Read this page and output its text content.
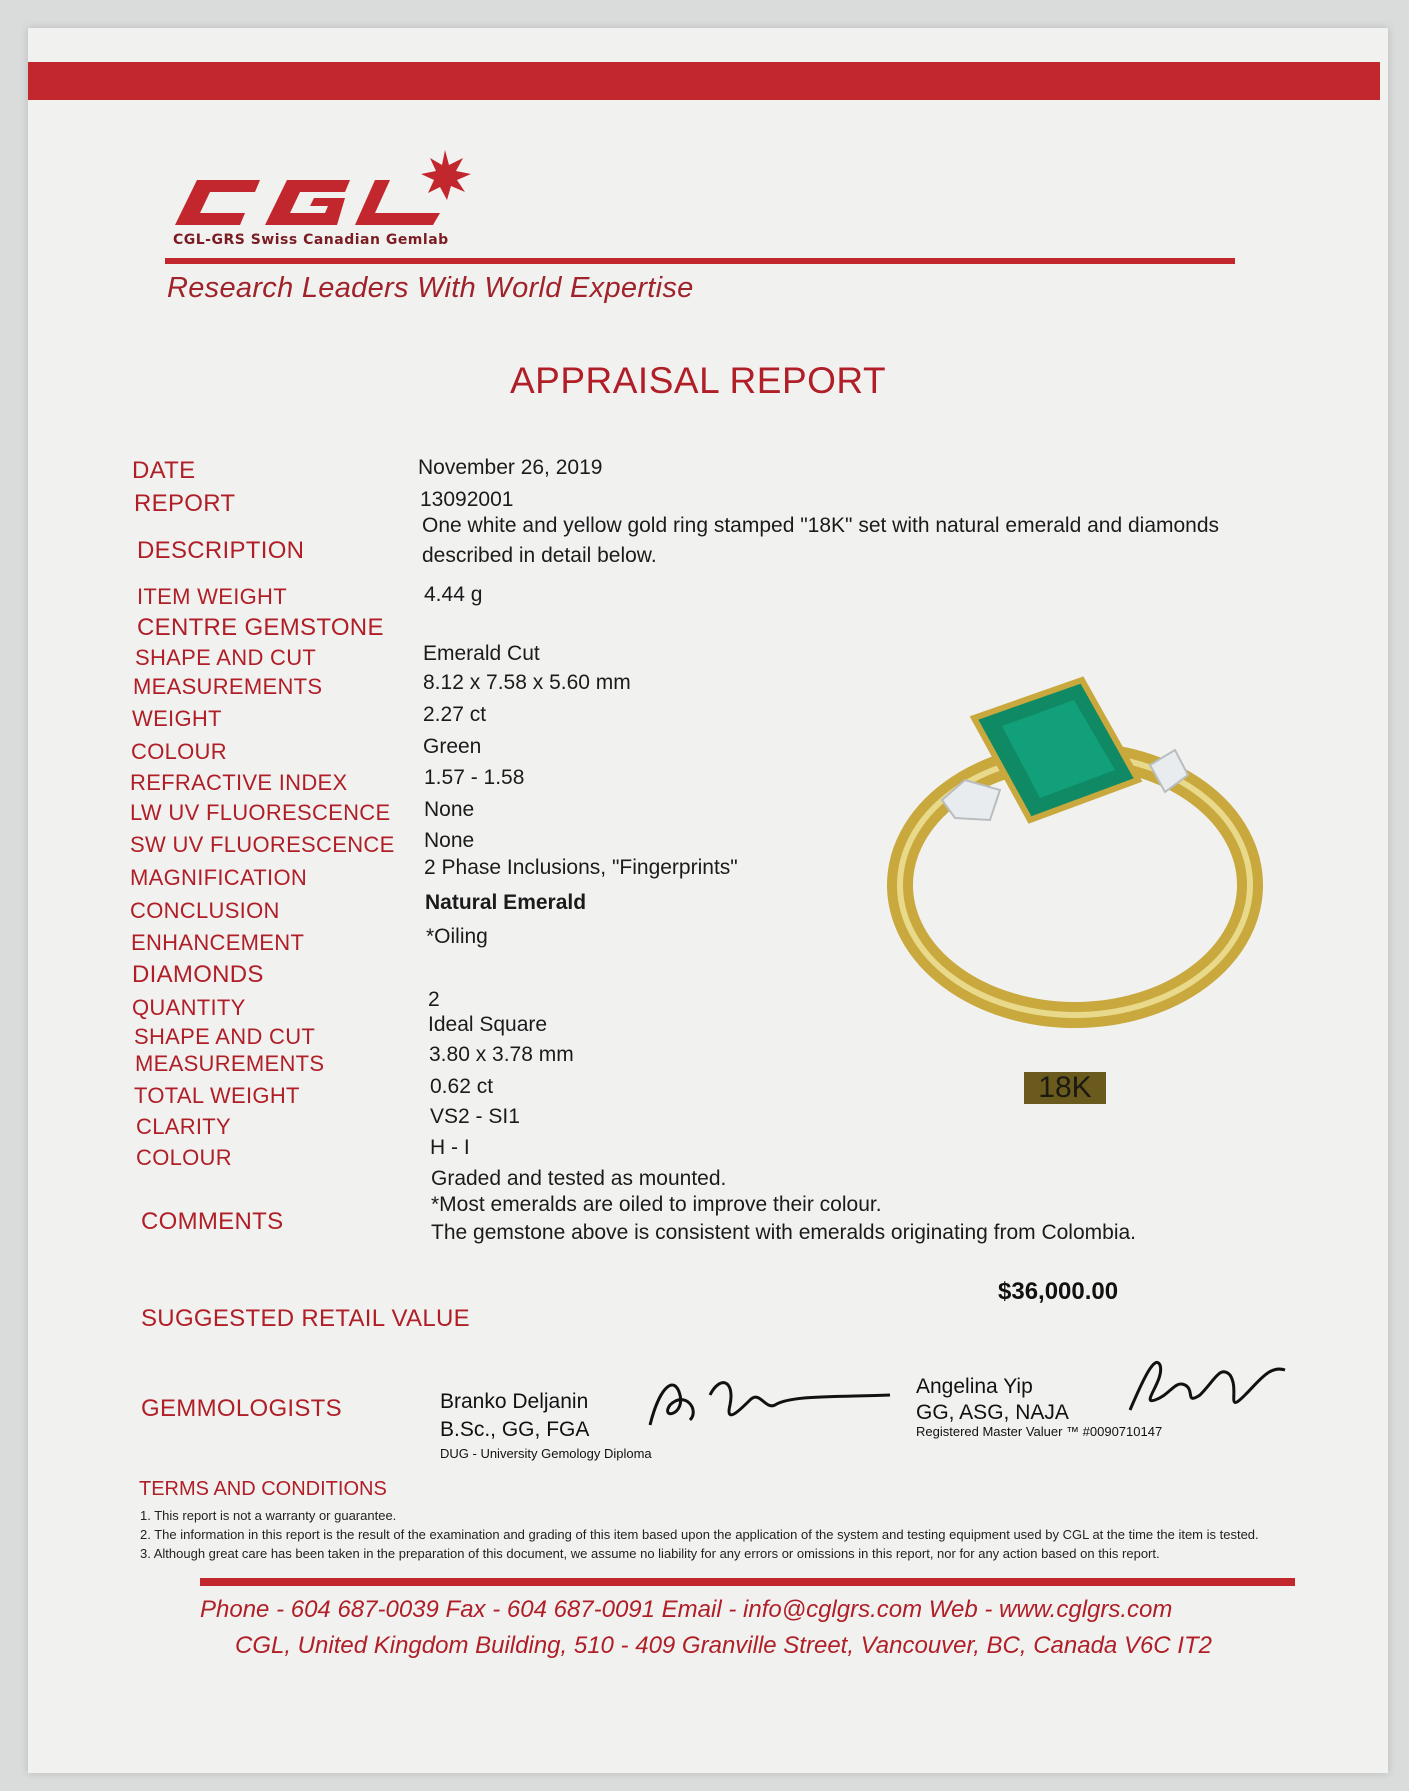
CGL-GRS Swiss Canadian Gemlab
Research Leaders With World Expertise
APPRAISAL REPORT
DATE	November 26, 2019
REPORT	13092001
DESCRIPTION
One white and yellow gold ring stamped "18K" set with natural emerald and diamonds described in detail below.
ITEM WEIGHT	4.44 g
CENTRE GEMSTONE
SHAPE AND CUT	Emerald Cut
MEASUREMENTS	8.12 x 7.58 x 5.60 mm
WEIGHT	2.27 ct
COLOUR	Green
REFRACTIVE INDEX	1.57 - 1.58
LW UV FLUORESCENCE None
SW UV FLUORESCENCE None
MAGNIFICATION	2 Phase Inclusions, "Fingerprints"
CONCLUSION	Natural Emerald
ENHANCEMENT	*Oiling
DIAMONDS
QUANTITY	2
SHAPE AND CUT	Ideal Square
MEASUREMENTS	3.80 x 3.78 mm
TOTAL WEIGHT	0.62 ct
CLARITY	VS2 - SI1
COLOUR	H - I
COMMENTS
Graded and tested as mounted.
*Most emeralds are oiled to improve their colour.
The gemstone above is consistent with emeralds originating from Colombia.
18K
SUGGESTED RETAIL VALUE
$36,000.00
GEMMOLOGISTS	Branko Deljanin
B.Sc., GG, FGA
DUG - University Gemology Diploma
Angelina Yip
GG, ASG, NAJA
Registered Master Valuer ™ #0090710147
TERMS AND CONDITIONS

1. This report is not a warranty or guarantee.

2. The information in this report is the result of the examination and grading of this item based upon the application of the system and testing equipment used by CGL at the time the item is tested.

3. Although great care has been taken in the preparation of this document, we assume no liability for any errors or omissions in this report, nor for any action based on this report.

Phone - 604 687-0039 Fax - 604 687-0091 Email - info@cglgrs.com Web - www.cglgrs.com
CGL, United Kingdom Building, 510 - 409 Granville Street, Vancouver, BC, Canada V6C IT2
